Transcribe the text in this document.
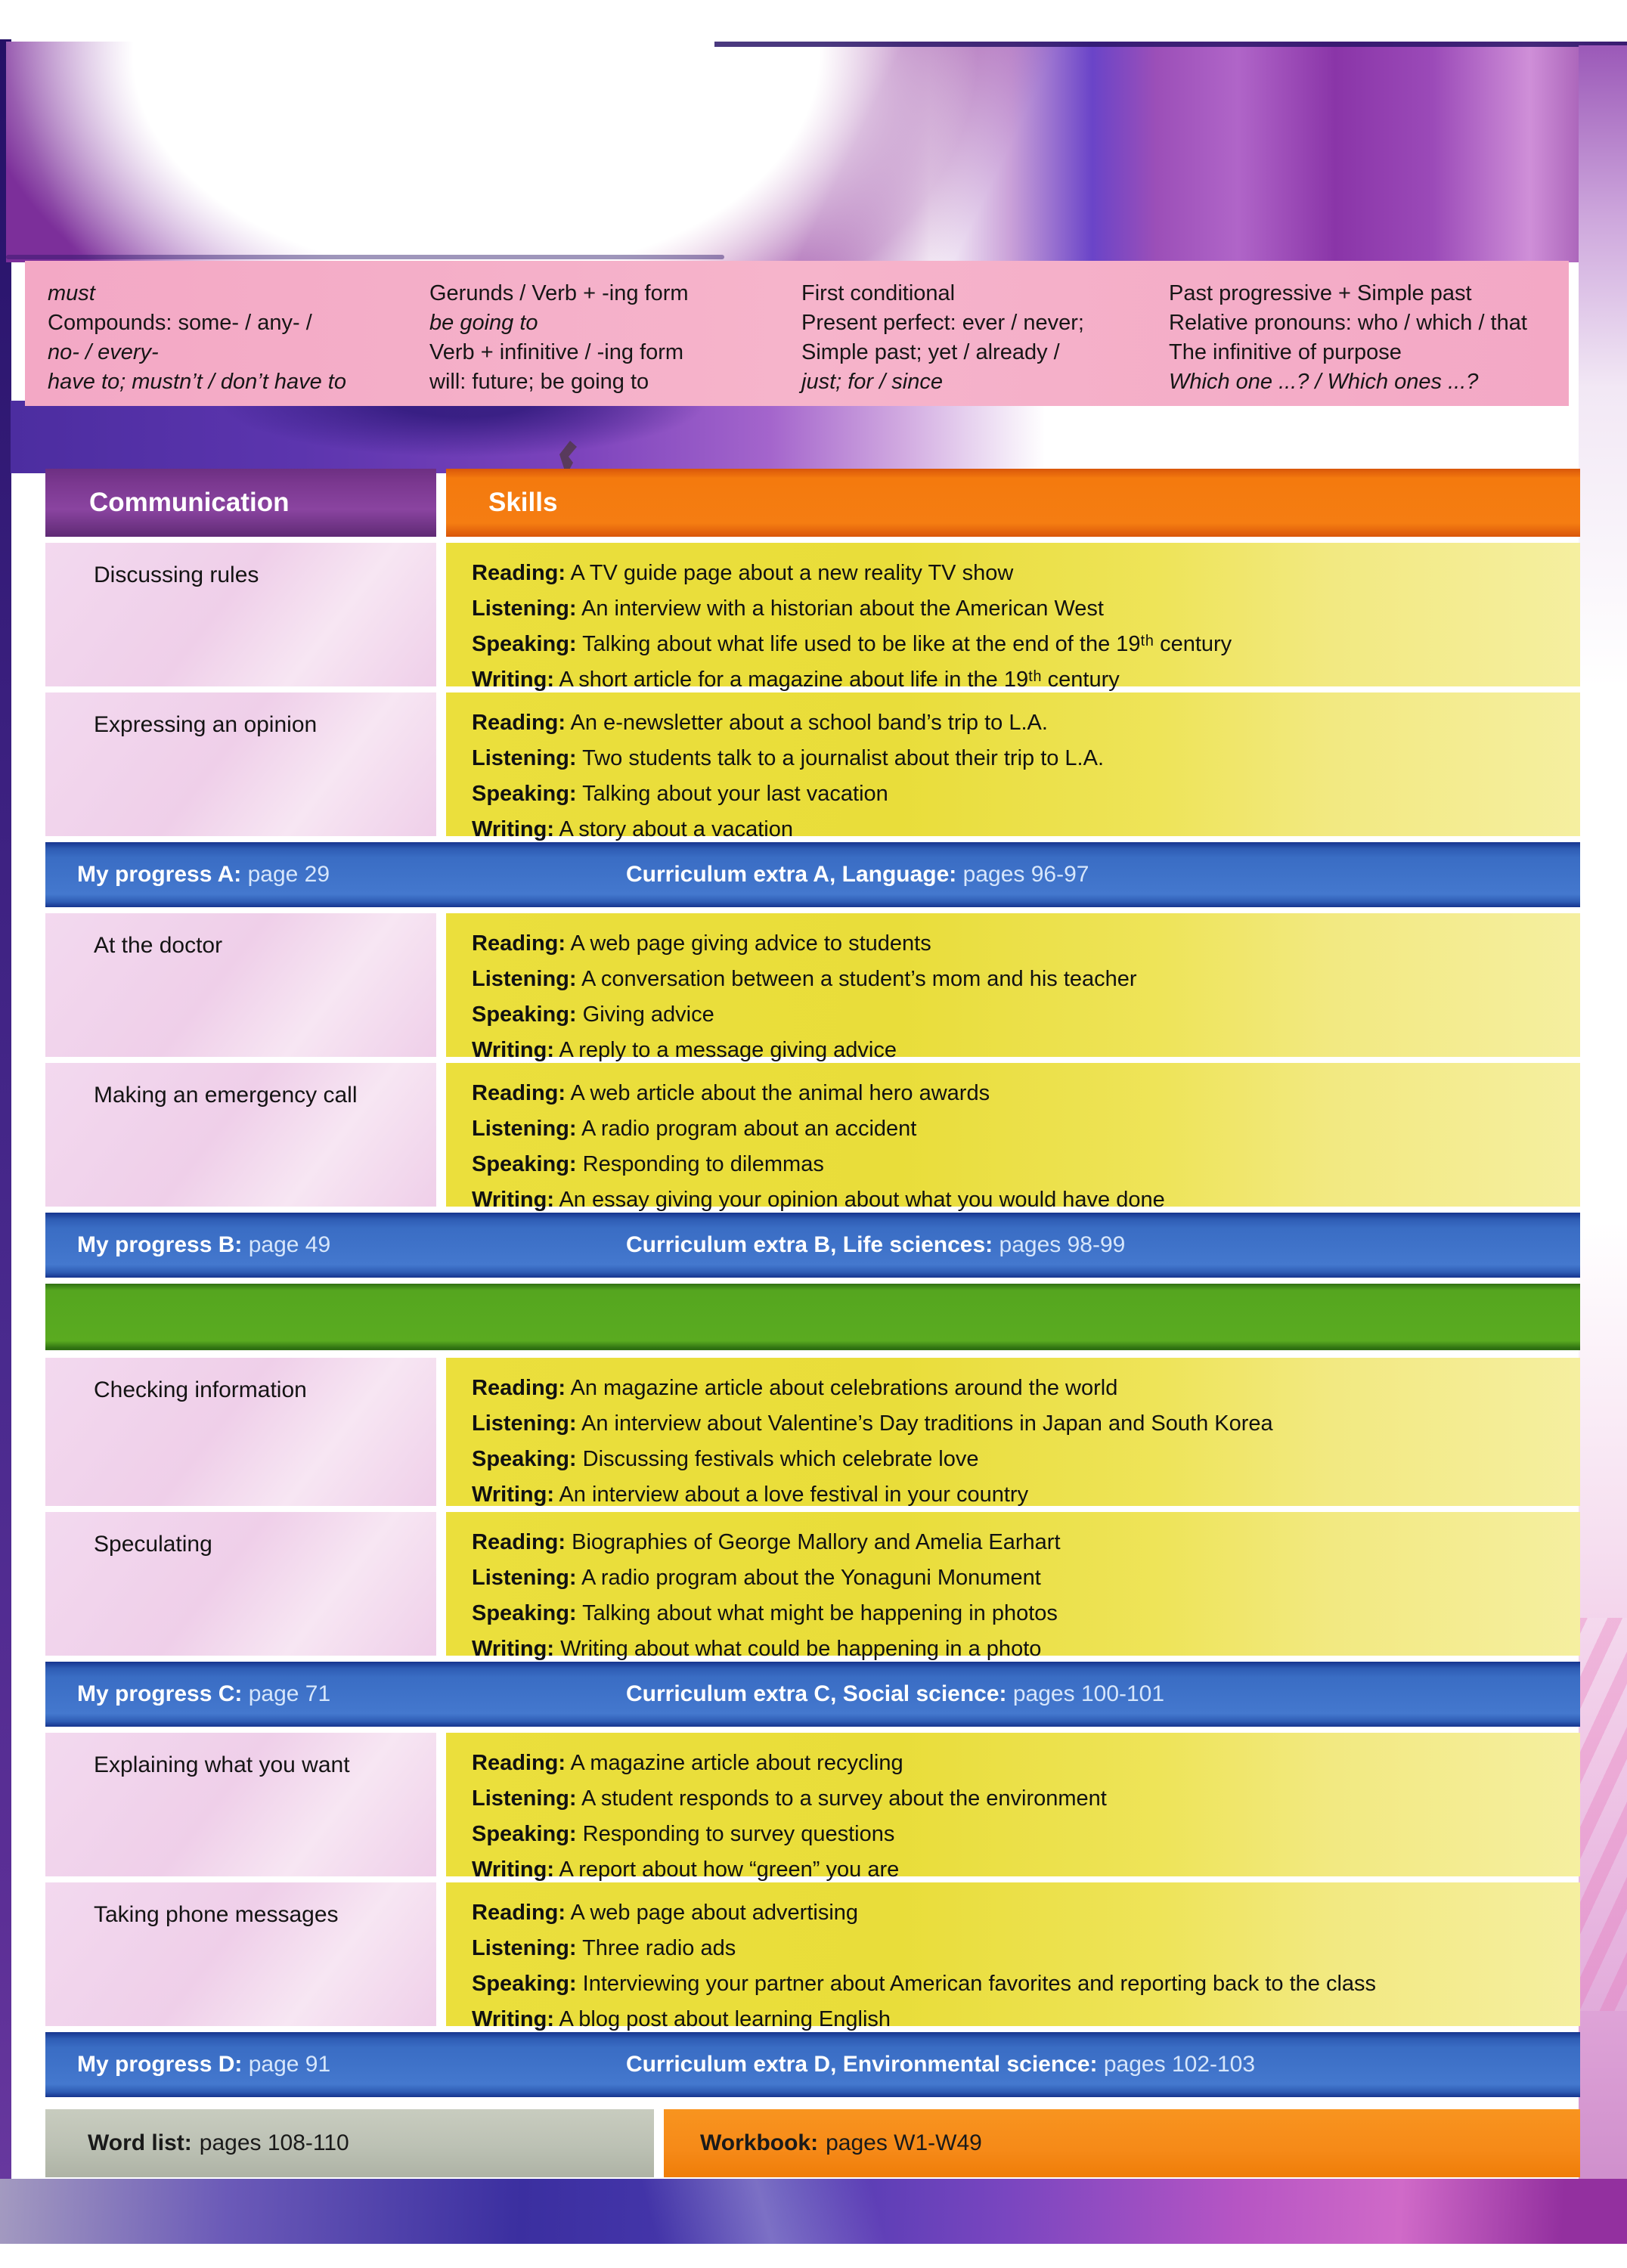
must
Compounds: some- / any- /
no- / every-
have to; mustn’t / don’t have to
Gerunds / Verb + -ing form
be going to
Verb + infinitive / -ing form
will: future; be going to
First conditional
Present perfect: ever / never;
Simple past; yet / already /
just; for / since
Past progressive + Simple past
Relative pronouns: who / which / that
The infinitive of purpose
Which one ...? / Which ones ...?
Communication	Skills
Discussing rules	Reading: A TV guide page about a new reality TV show
Listening: An interview with a historian about the American West
Speaking: Talking about what life used to be like at the end of the 19ᵗʰ century
Writing: A short article for a magazine about life in the 19ᵗʰ century
Expressing an opinion	Reading: An e-newsletter about a school band’s trip to L.A.
Listening: Two students talk to a journalist about their trip to L.A.
Speaking: Talking about your last vacation
Writing: A story about a vacation
My progress A: page 29	Curriculum extra A, Language: pages 96-97
At the doctor	Reading: A web page giving advice to students
Listening: A conversation between a student’s mom and his teacher
Speaking: Giving advice
Writing: A reply to a message giving advice
Making an emergency call	Reading: A web article about the animal hero awards
Listening: A radio program about an accident
Speaking: Responding to dilemmas
Writing: An essay giving your opinion about what you would have done
My progress B: page 49	Curriculum extra B, Life sciences: pages 98-99
Checking information	Reading: An magazine article about celebrations around the world
Listening: An interview about Valentine’s Day traditions in Japan and South Korea
Speaking: Discussing festivals which celebrate love
Writing: An interview about a love festival in your country
Speculating	Reading: Biographies of George Mallory and Amelia Earhart
Listening: A radio program about the Yonaguni Monument
Speaking: Talking about what might be happening in photos
Writing: Writing about what could be happening in a photo
My progress C: page 71	Curriculum extra C, Social science: pages 100-101
Explaining what you want	Reading: A magazine article about recycling
Listening: A student responds to a survey about the environment
Speaking: Responding to survey questions
Writing: A report about how “green” you are
Taking phone messages	Reading: A web page about advertising
Listening: Three radio ads
Speaking: Interviewing your partner about American favorites and reporting back to the class
Writing: A blog post about learning English
My progress D: page 91	Curriculum extra D, Environmental science: pages 102-103
Word list: pages 108-110	Workbook: pages W1-W49
